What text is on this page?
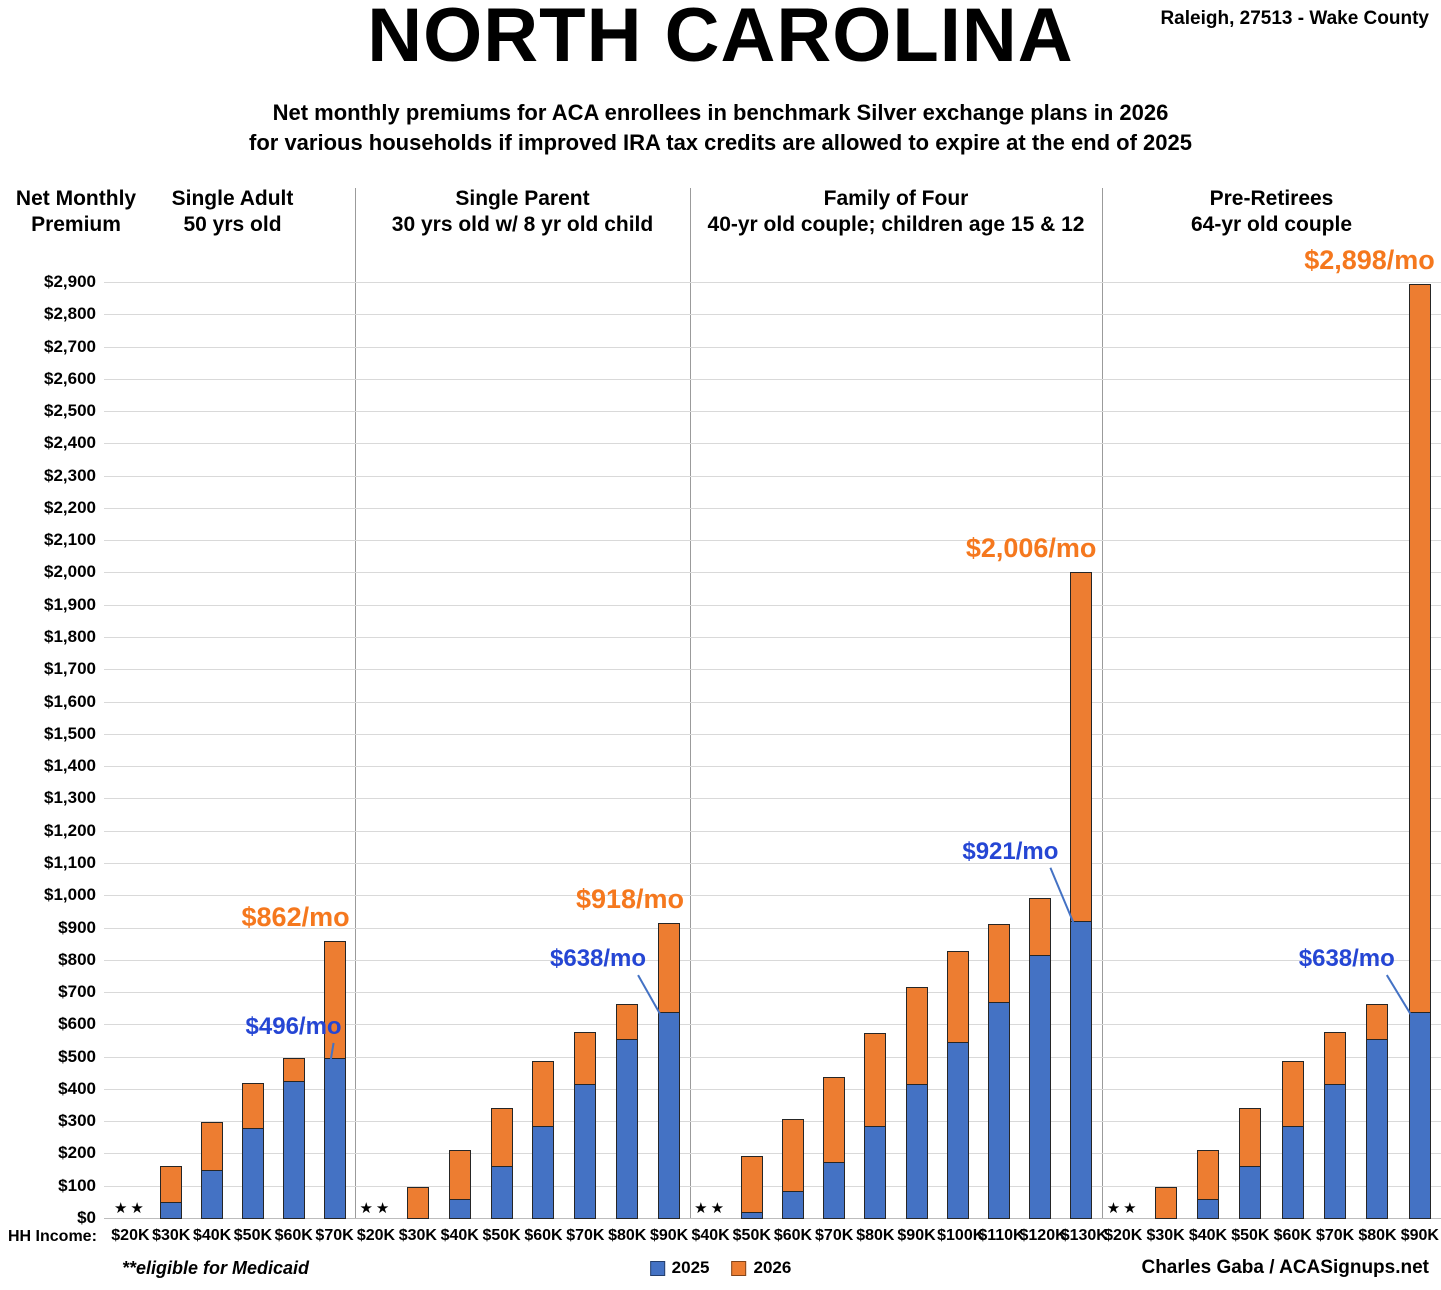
NORTH CAROLINA	Raleigh, 27513 - Wake County
Net monthly premiums for ACA enrollees in benchmark Silver exchange plans in 2026
for various households if improved IRA tax credits are allowed to expire at the end of 2025
Net Monthly
Premium
Single Adult
50 yrs old
Single Parent
30 yrs old w/ 8 yr old child
Family of Four
40-yr old couple; children age 15 & 12
Pre-Retirees
64-yr old couple
$0
$100
$200
$300
$400
$500
$600
$700
$800
$900
$1,000
$1,100
$1,200
$1,300
$1,400
$1,500
$1,600
$1,700
$1,800
$1,900
$2,000
$2,100
$2,200
$2,300
$2,400
$2,500
$2,600
$2,700
$2,800
$2,900
★★
$496/mo
$862/mo
★★
$638/mo
$918/mo
★★
$921/mo
$2,006/mo
★★
$638/mo
$2,898/mo
$20K $30K $40K $50K $60K $70K $20K $30K $40K $50K $60K $70K $80K $90K $40K $50K $60K $70K $80K $90K $100K
$110K
$120K
$130K
$20K $30K $40K $50K $60K $70K $80K $90K
HH Income:
**eligible for Medicaid	2025	2026	Charles Gaba / ACASignups.net
